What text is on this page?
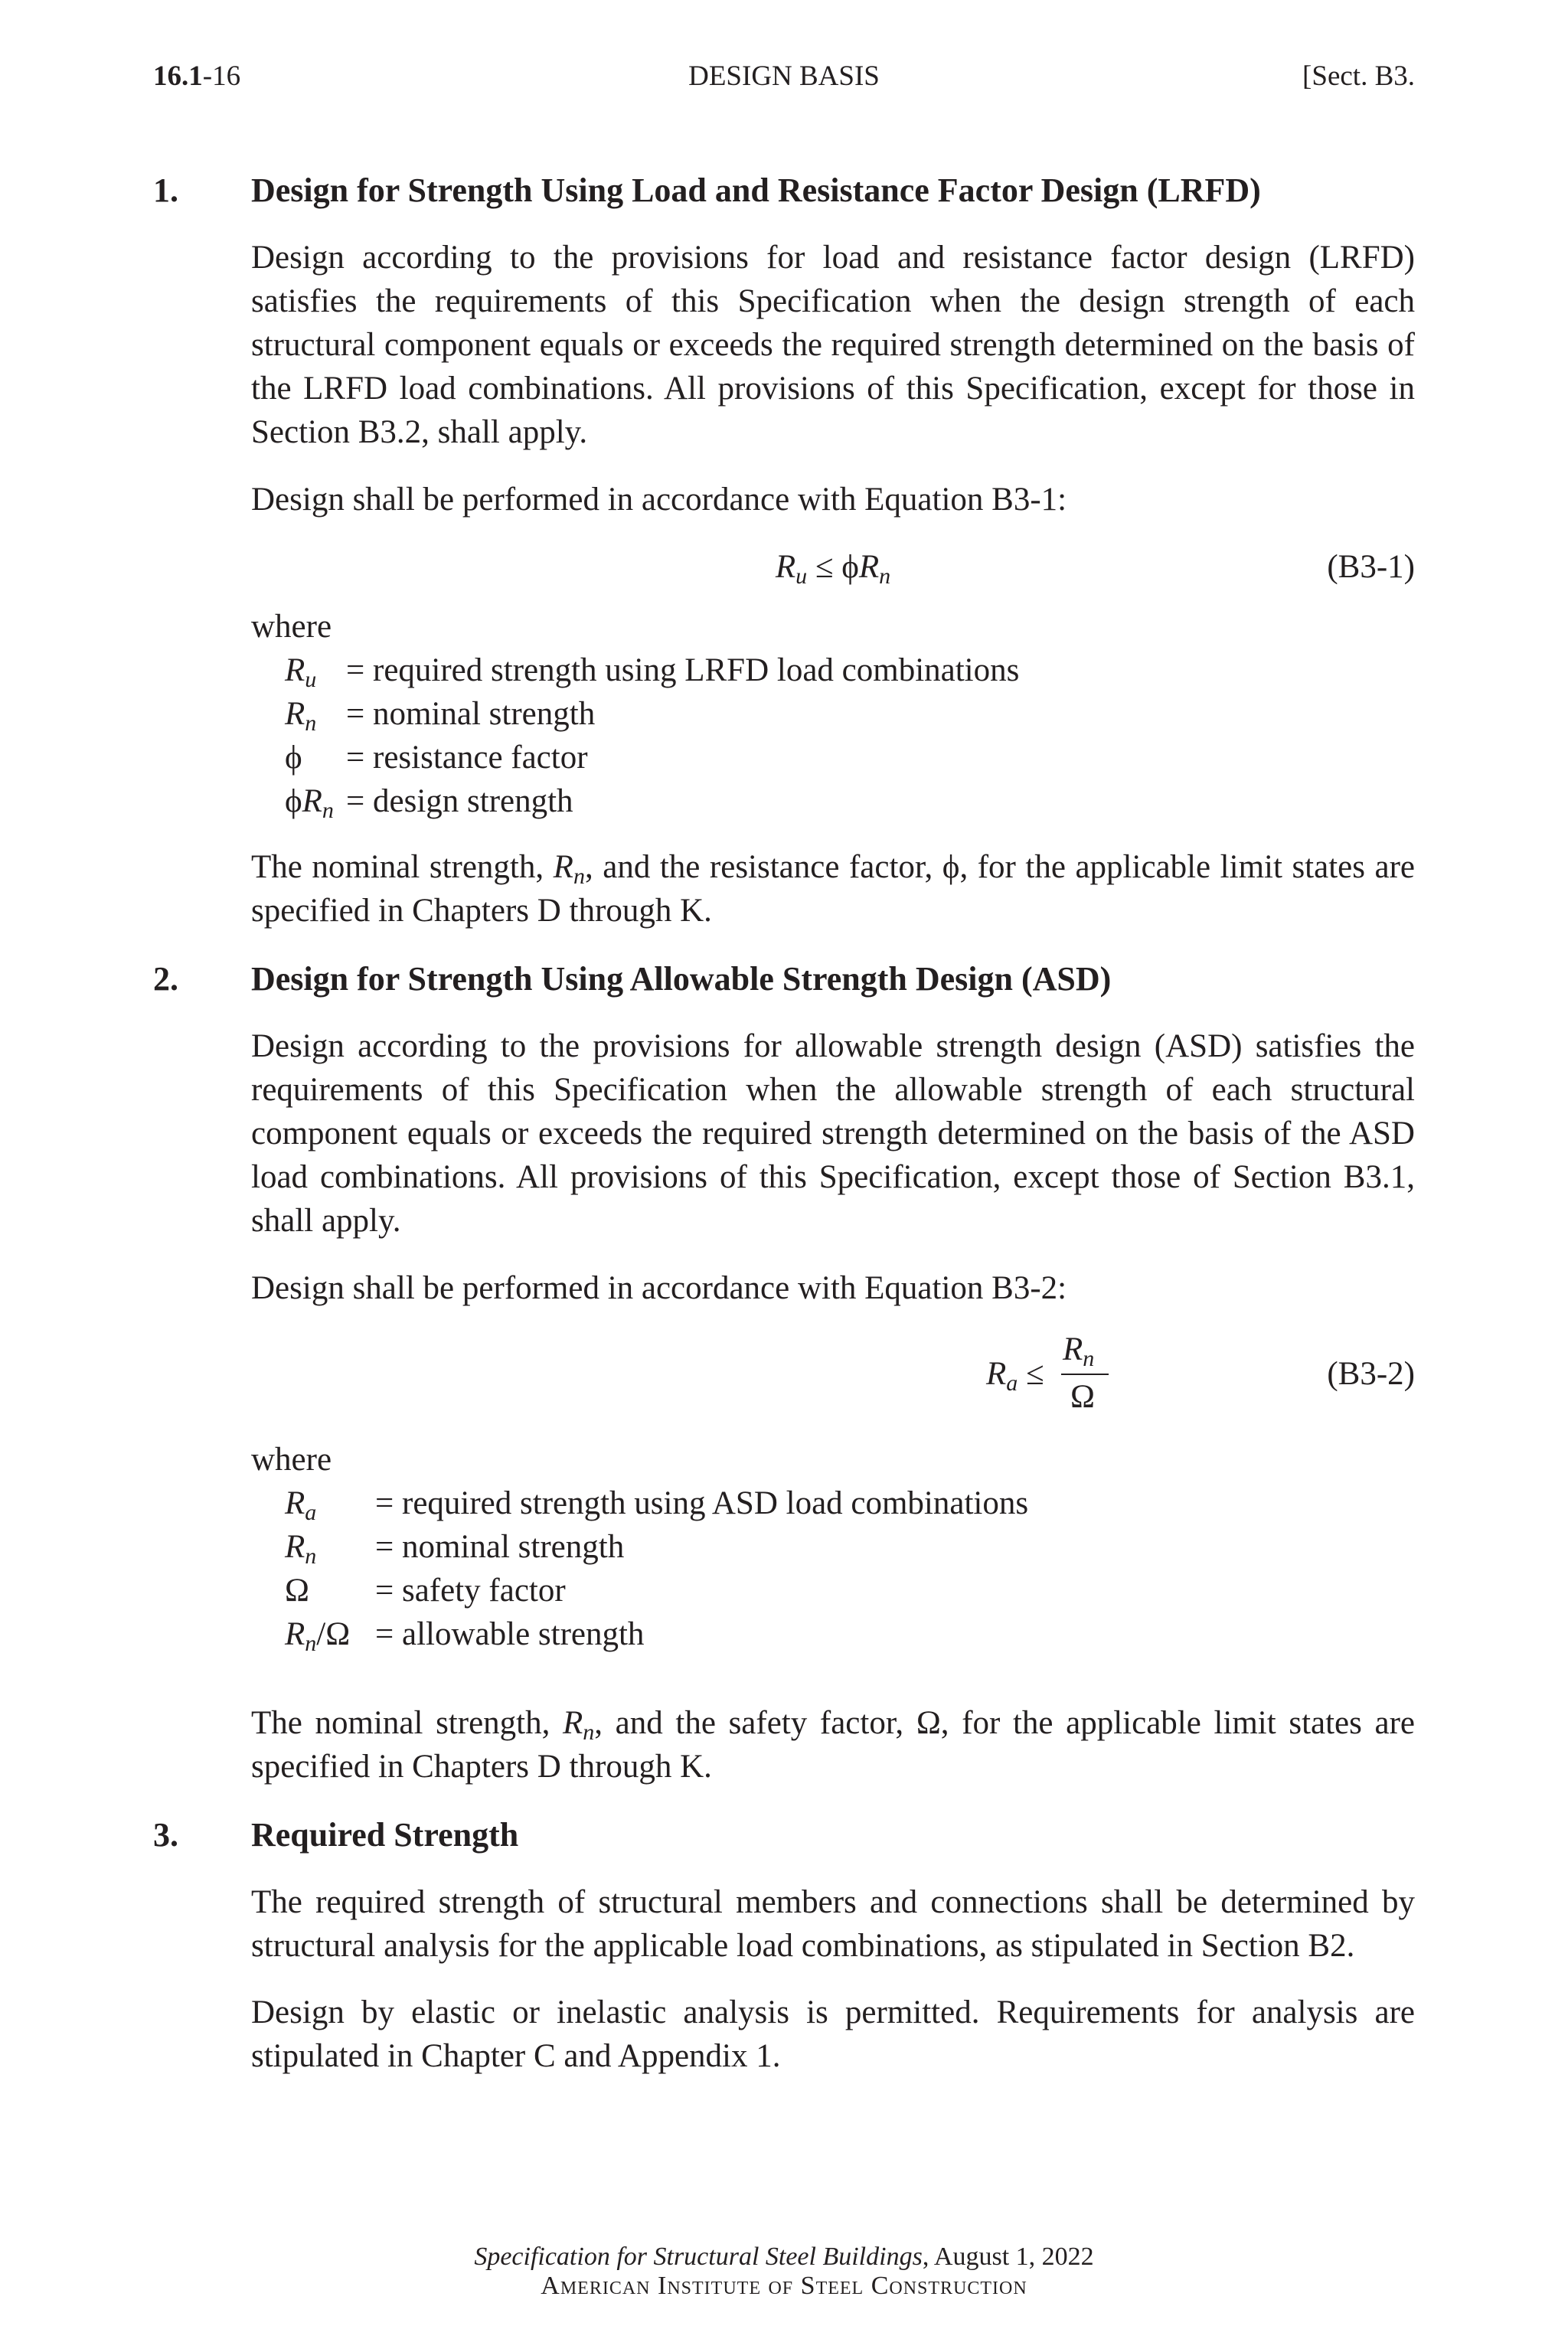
16.1-16	DESIGN BASIS	[Sect. B3.
1. Design for Strength Using Load and Resistance Factor Design (LRFD)
Design according to the provisions for load and resistance factor design (LRFD) satisfies the requirements of this Specification when the design strength of each structural component equals or exceeds the required strength determined on the basis of the LRFD load combinations. All provisions of this Specification, except for those in Section B3.2, shall apply.
Design shall be performed in accordance with Equation B3-1:
$R_u \le \phi R_n$	(B3-1)
where
$R_u$ = required strength using LRFD load combinations
$R_n$ = nominal strength
ϕ = resistance factor
$\phi R_n$ = design strength
The nominal strength, $R_n$, and the resistance factor, ϕ, for the applicable limit states are specified in Chapters D through K.
2. Design for Strength Using Allowable Strength Design (ASD)
Design according to the provisions for allowable strength design (ASD) satisfies the requirements of this Specification when the allowable strength of each structural component equals or exceeds the required strength determined on the basis of the ASD load combinations. All provisions of this Specification, except those of Section B3.1, shall apply.
Design shall be performed in accordance with Equation B3-2:
$R_a$ ≤
$R_n$
Ω
(B3-2)
where
$R_a$ = required strength using ASD load combinations
$R_n$ = nominal strength
Ω = safety factor
$R_n/\Omega$ = allowable strength
The nominal strength, $R_n$, and the safety factor, Ω, for the applicable limit states are specified in Chapters D through K.
3. Required Strength
The required strength of structural members and connections shall be determined by structural analysis for the applicable load combinations, as stipulated in Section B2.
Design by elastic or inelastic analysis is permitted. Requirements for analysis are stipulated in Chapter C and Appendix 1.
Specification for Structural Steel Buildings, August 1, 2022
American Institute of Steel Construction
